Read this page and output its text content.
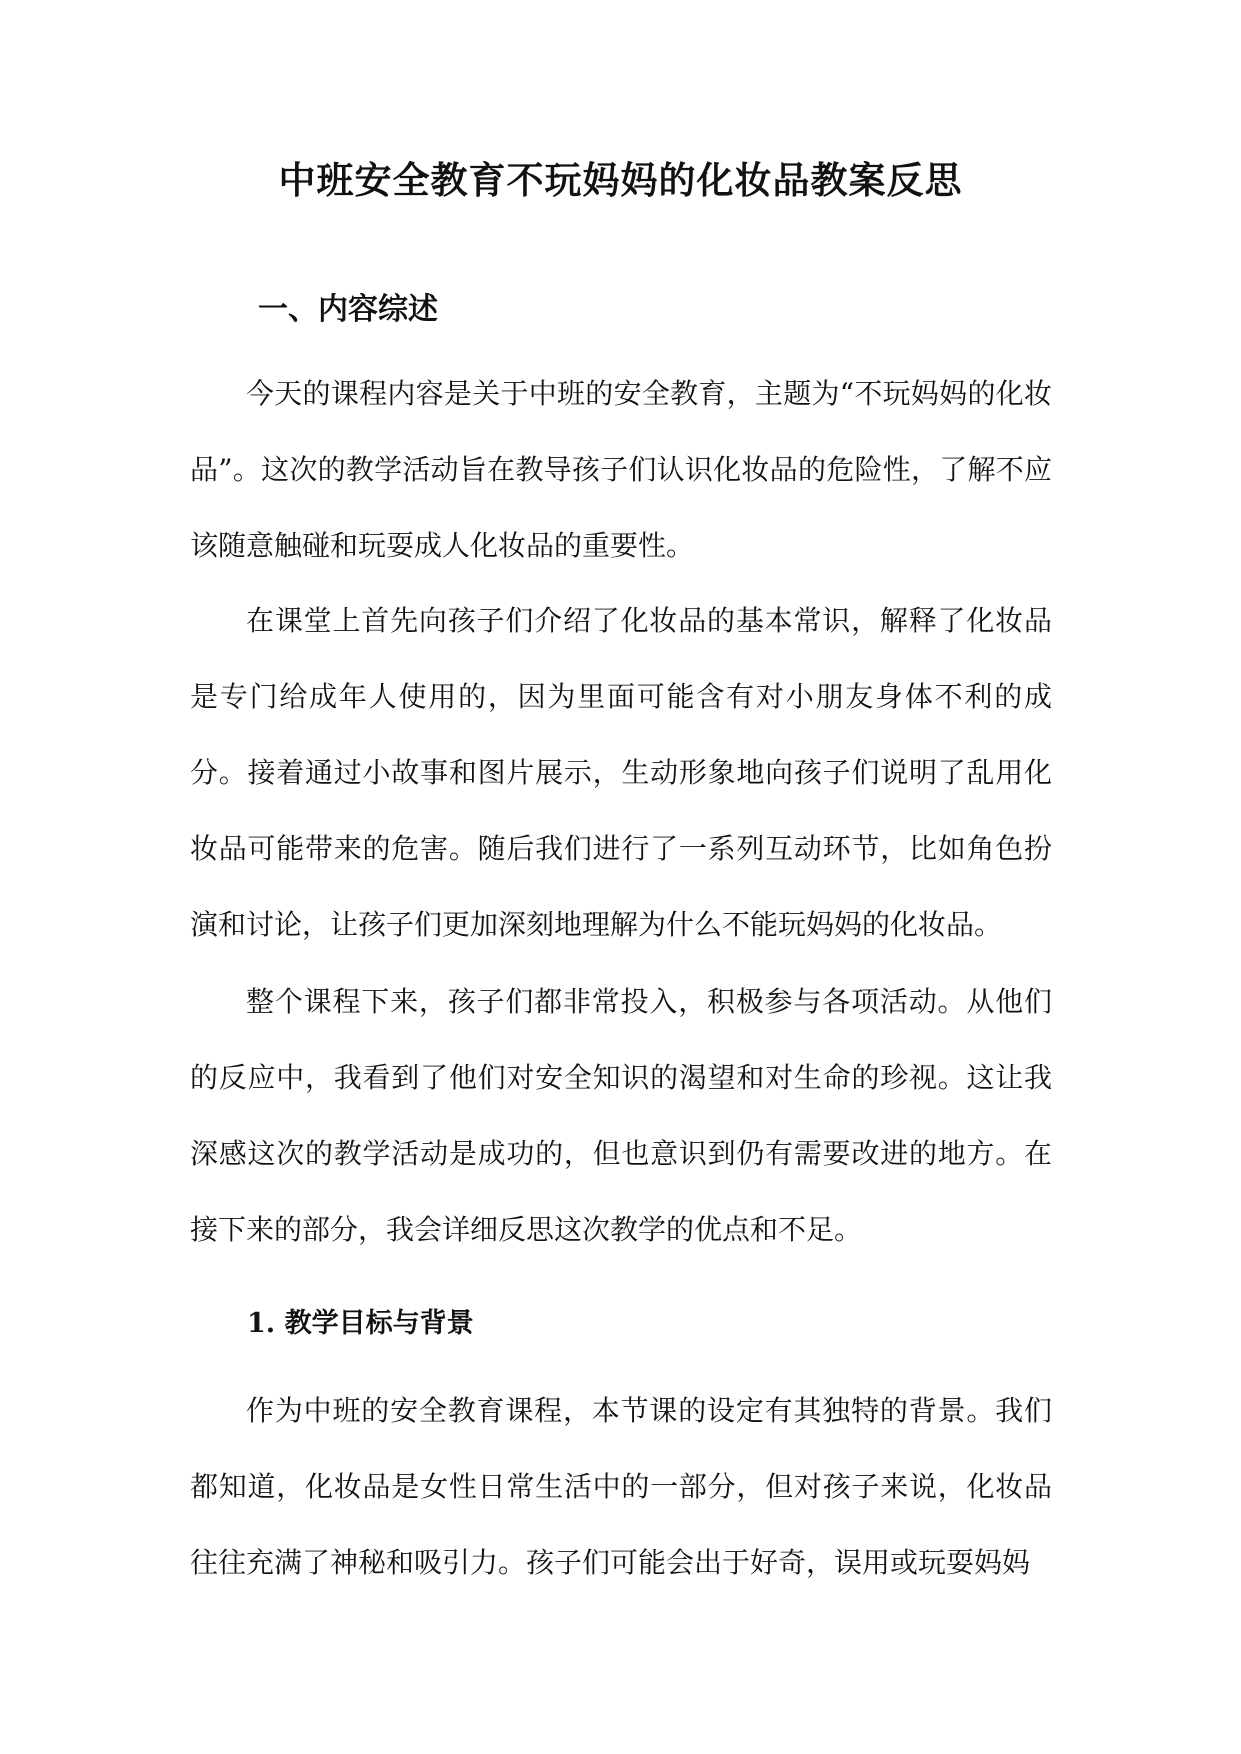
中班安全教育不玩妈妈的化妆品教案反思
一、内容综述

今天的课程内容是关于中班的安全教育，主题为“不玩妈妈的化妆品”。这次的教学活动旨在教导孩子们认识化妆品的危险性，了解不应该随意触碰和玩耍成人化妆品的重要性。

在课堂上首先向孩子们介绍了化妆品的基本常识，解释了化妆品是专门给成年人使用的，因为里面可能含有对小朋友身体不利的成分。接着通过小故事和图片展示，生动形象地向孩子们说明了乱用化妆品可能带来的危害。随后我们进行了一系列互动环节，比如角色扮演和讨论，让孩子们更加深刻地理解为什么不能玩妈妈的化妆品。

整个课程下来，孩子们都非常投入，积极参与各项活动。从他们的反应中，我看到了他们对安全知识的渴望和对生命的珍视。这让我深感这次的教学活动是成功的，但也意识到仍有需要改进的地方。在接下来的部分，我会详细反思这次教学的优点和不足。

1. 教学目标与背景

作为中班的安全教育课程，本节课的设定有其独特的背景。我们都知道，化妆品是女性日常生活中的一部分，但对孩子来说，化妆品往往充满了神秘和吸引力。孩子们可能会出于好奇，误用或玩耍妈妈
